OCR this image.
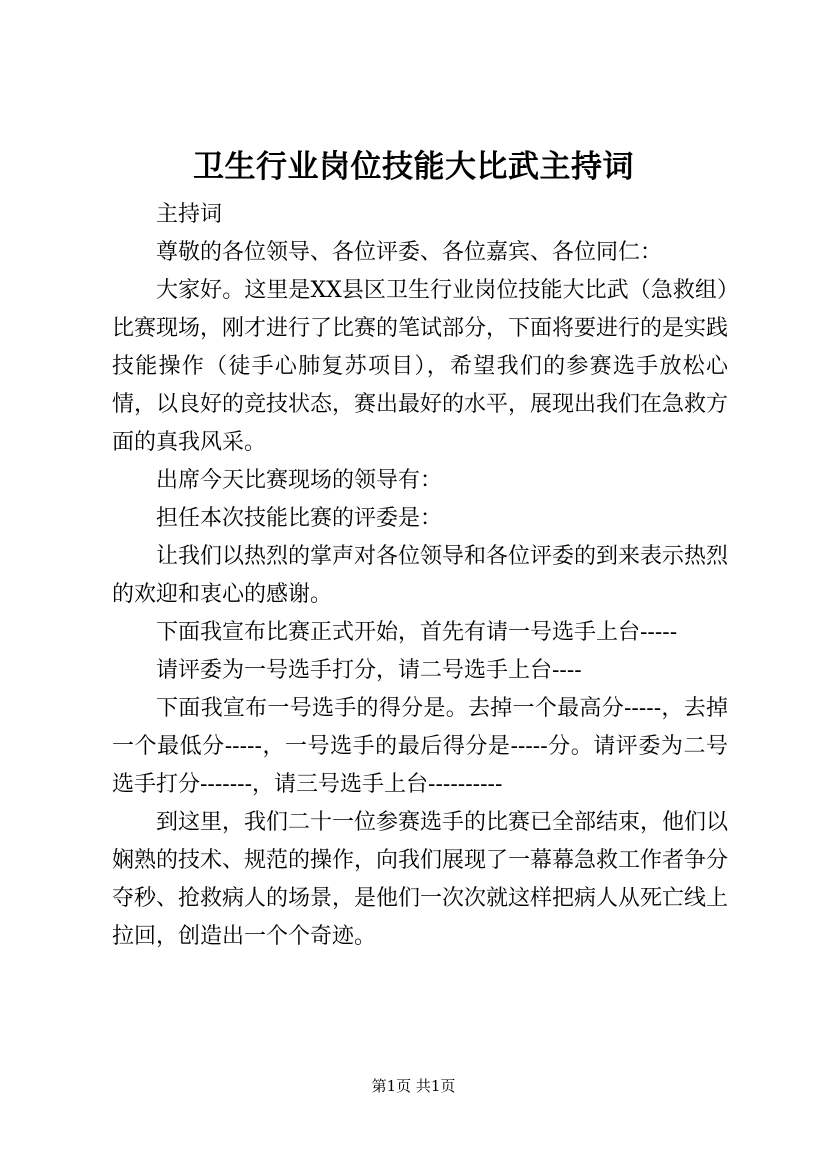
卫生行业岗位技能大比武主持词

主持词

尊敬的各位领导、各位评委、各位嘉宾、各位同仁：

大家好。这里是XX县区卫生行业岗位技能大比武（急救组）比赛现场，刚才进行了比赛的笔试部分，下面将要进行的是实践技能操作（徒手心肺复苏项目），希望我们的参赛选手放松心情，以良好的竞技状态，赛出最好的水平，展现出我们在急救方面的真我风采。

出席今天比赛现场的领导有：

担任本次技能比赛的评委是：

让我们以热烈的掌声对各位领导和各位评委的到来表示热烈的欢迎和衷心的感谢。

下面我宣布比赛正式开始，首先有请一号选手上台-----

请评委为一号选手打分，请二号选手上台----

下面我宣布一号选手的得分是。去掉一个最高分-----，去掉一个最低分-----，一号选手的最后得分是-----分。请评委为二号选手打分-------，请三号选手上台----------

到这里，我们二十一位参赛选手的比赛已全部结束，他们以娴熟的技术、规范的操作，向我们展现了一幕幕急救工作者争分夺秒、抢救病人的场景，是他们一次次就这样把病人从死亡线上拉回，创造出一个个奇迹。

第1页 共1页
